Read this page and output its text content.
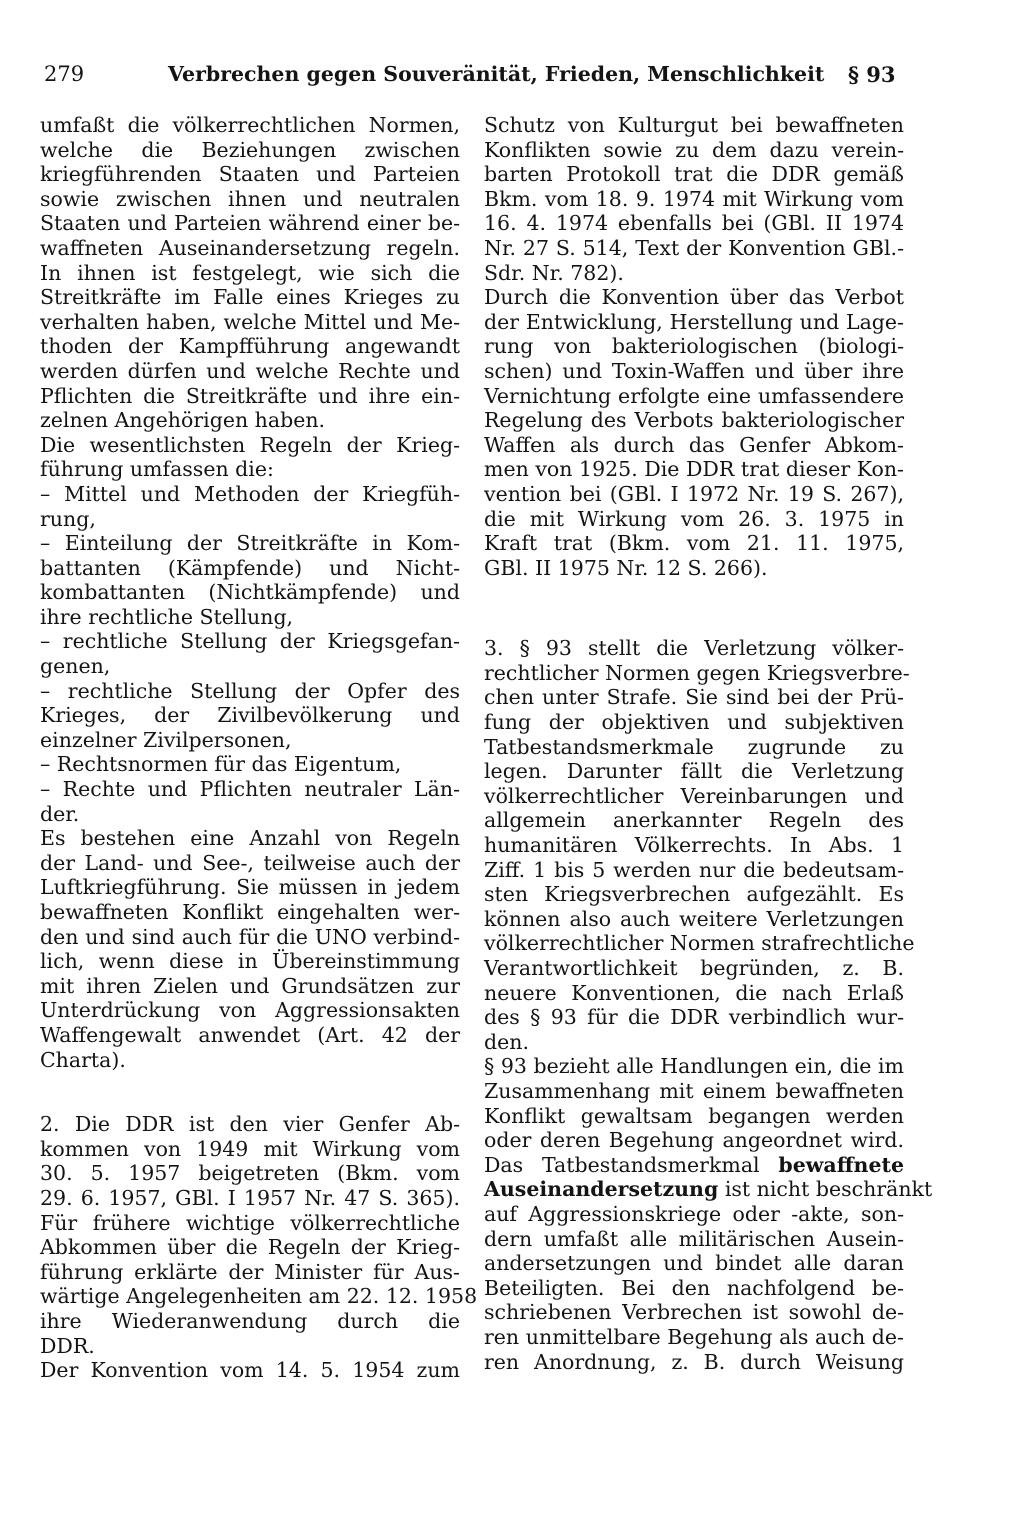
279	Verbrechen gegen Souveränität, Frieden, Menschlichkeit § 93
umfaßt die völkerrechtlichen Normen,
welche die Beziehungen zwischen
kriegführenden Staaten und Parteien
sowie zwischen ihnen und neutralen
Staaten und Parteien während einer be-
waffneten Auseinandersetzung regeln.
In ihnen ist festgelegt, wie sich die
Streitkräfte im Falle eines Krieges zu
verhalten haben, welche Mittel und Me-
thoden der Kampfführung angewandt
werden dürfen und welche Rechte und
Pflichten die Streitkräfte und ihre ein-
zelnen Angehörigen haben.
Die wesentlichsten Regeln der Krieg-
führung umfassen die:
– Mittel und Methoden der Kriegfüh-
rung,
– Einteilung der Streitkräfte in Kom-
battanten (Kämpfende) und Nicht-
kombattanten (Nichtkämpfende) und
ihre rechtliche Stellung,
– rechtliche Stellung der Kriegsgefan-
genen,
– rechtliche Stellung der Opfer des
Krieges, der Zivilbevölkerung und
einzelner Zivilpersonen,
– Rechtsnormen für das Eigentum,
– Rechte und Pflichten neutraler Län-
der.
Es bestehen eine Anzahl von Regeln
der Land- und See-, teilweise auch der
Luftkriegführung. Sie müssen in jedem
bewaffneten Konflikt eingehalten wer-
den und sind auch für die UNO verbind-
lich, wenn diese in Übereinstimmung
mit ihren Zielen und Grundsätzen zur
Unterdrückung von Aggressionsakten
Waffengewalt anwendet (Art. 42 der
Charta).
2. Die DDR ist den vier Genfer Ab-
kommen von 1949 mit Wirkung vom
30. 5. 1957 beigetreten (Bkm. vom
29. 6. 1957, GBl. I 1957 Nr. 47 S. 365).
Für frühere wichtige völkerrechtliche
Abkommen über die Regeln der Krieg-
führung erklärte der Minister für Aus-
wärtige Angelegenheiten am 22. 12. 1958
ihre Wiederanwendung durch die
DDR.
Der Konvention vom 14. 5. 1954 zum
Schutz von Kulturgut bei bewaffneten
Konflikten sowie zu dem dazu verein-
barten Protokoll trat die DDR gemäß
Bkm. vom 18. 9. 1974 mit Wirkung vom
16. 4. 1974 ebenfalls bei (GBl. II 1974
Nr. 27 S. 514, Text der Konvention GBl.-
Sdr. Nr. 782).
Durch die Konvention über das Verbot
der Entwicklung, Herstellung und Lage-
rung von bakteriologischen (biologi-
schen) und Toxin-Waffen und über ihre
Vernichtung erfolgte eine umfassendere
Regelung des Verbots bakteriologischer
Waffen als durch das Genfer Abkom-
men von 1925. Die DDR trat dieser Kon-
vention bei (GBl. I 1972 Nr. 19 S. 267),
die mit Wirkung vom 26. 3. 1975 in
Kraft trat (Bkm. vom 21. 11. 1975,
GBl. II 1975 Nr. 12 S. 266).
3. § 93 stellt die Verletzung völker-
rechtlicher Normen gegen Kriegsverbre-
chen unter Strafe. Sie sind bei der Prü-
fung der objektiven und subjektiven
Tatbestandsmerkmale zugrunde zu
legen. Darunter fällt die Verletzung
völkerrechtlicher Vereinbarungen und
allgemein anerkannter Regeln des
humanitären Völkerrechts. In Abs. 1
Ziff. 1 bis 5 werden nur die bedeutsam-
sten Kriegsverbrechen aufgezählt. Es
können also auch weitere Verletzungen
völkerrechtlicher Normen strafrechtliche
Verantwortlichkeit begründen, z. B.
neuere Konventionen, die nach Erlaß
des § 93 für die DDR verbindlich wur-
den.
§ 93 bezieht alle Handlungen ein, die im
Zusammenhang mit einem bewaffneten
Konflikt gewaltsam begangen werden
oder deren Begehung angeordnet wird.
Das Tatbestandsmerkmal bewaffnete
Auseinandersetzung ist nicht beschränkt
auf Aggressionskriege oder -akte, son-
dern umfaßt alle militärischen Ausein-
andersetzungen und bindet alle daran
Beteiligten. Bei den nachfolgend be-
schriebenen Verbrechen ist sowohl de-
ren unmittelbare Begehung als auch de-
ren Anordnung, z. B. durch Weisung
